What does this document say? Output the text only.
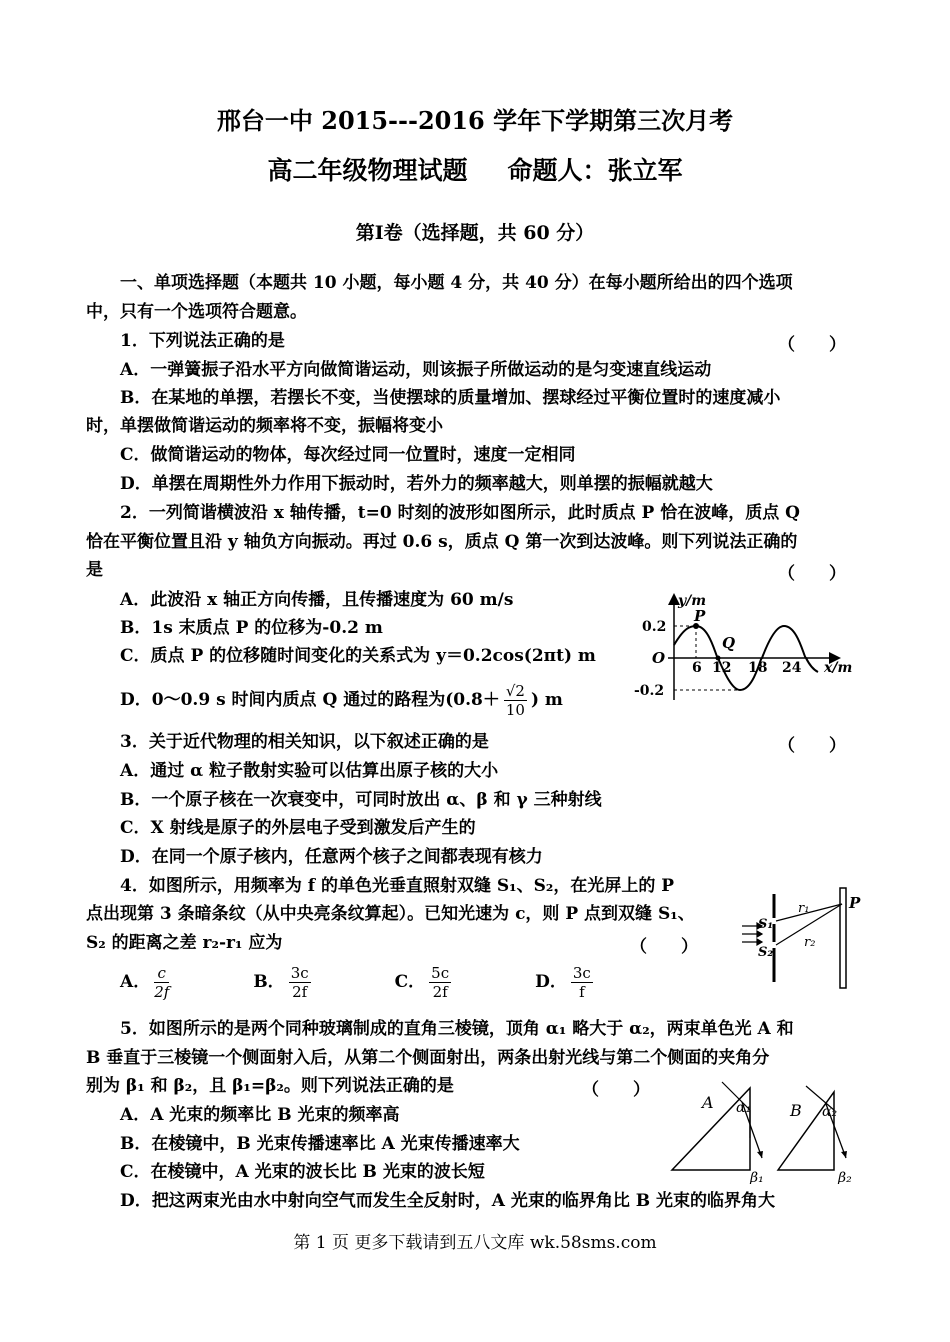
邢台一中 2015---2016 学年下学期第三次月考
高二年级物理试题 命题人：张立军
第Ⅰ卷（选择题，共 60 分）
一、单项选择题（本题共 10 小题，每小题 4 分，共 40 分）在每小题所给出的四个选项
中，只有一个选项符合题意。
1．下列说法正确的是	（　　）
A．一弹簧振子沿水平方向做简谐运动，则该振子所做运动的是匀变速直线运动
B．在某地的单摆，若摆长不变，当使摆球的质量增加、摆球经过平衡位置时的速度减小
时，单摆做简谐运动的频率将不变，振幅将变小
C．做简谐运动的物体，每次经过同一位置时，速度一定相同
D．单摆在周期性外力作用下振动时，若外力的频率越大，则单摆的振幅就越大
2．一列简谐横波沿 x 轴传播，t=0 时刻的波形如图所示，此时质点 P 恰在波峰，质点 Q
恰在平衡位置且沿 y 轴负方向振动。再过 0.6 s，质点 Q 第一次到达波峰。则下列说法正确的
是	（　　）
A．此波沿 x 轴正方向传播，且传播速度为 60 m/s
B．1s 末质点 P 的位移为-0.2 m
C．质点 P 的位移随时间变化的关系式为 y＝0.2cos(2πt) m
D．0～0.9 s 时间内质点 Q 通过的路程为($0.8+ \frac{√2}{10}$ ) m
y/m
x/m
0.2
-0.2
O
6 12 18 24
P
Q
3．关于近代物理的相关知识，以下叙述正确的是	（　　）
A．通过 α 粒子散射实验可以估算出原子核的大小
B．一个原子核在一次衰变中，可同时放出 α、β 和 γ 三种射线
C．X 射线是原子的外层电子受到激发后产生的
D．在同一个原子核内，任意两个核子之间都表现有核力
4．如图所示，用频率为 f 的单色光垂直照射双缝 S₁、S₂，在光屏上的 P
点出现第 3 条暗条纹（从中央亮条纹算起）。已知光速为 c，则 P 点到双缝 S₁、
S₂ 的距离之差 r₂-r₁ 应为	（　　）
A． $\frac{c}{2f}$	B． $\frac{3c}{2f}$	C． $\frac{5c}{2f}$	D． $\frac{3c}{f}$
S₁
S₂
r₁
r₂
P
5．如图所示的是两个同种玻璃制成的直角三棱镜，顶角 α₁ 略大于 α₂，两束单色光 A 和
B 垂直于三棱镜一个侧面射入后，从第二个侧面射出，两条出射光线与第二个侧面的夹角分
别为 β₁ 和 β₂，且 β₁=β₂。则下列说法正确的是	（　　）
A．A 光束的频率比 B 光束的频率高
B．在棱镜中，B 光束传播速率比 A 光束传播速率大
C．在棱镜中，A 光束的波长比 B 光束的波长短
D．把这两束光由水中射向空气而发生全反射时，A 光束的临界角比 B 光束的临界角大
A	B
α₁	α₂
β₁	β₂
第 1 页 更多下载请到五八文库 wk.58sms.com
